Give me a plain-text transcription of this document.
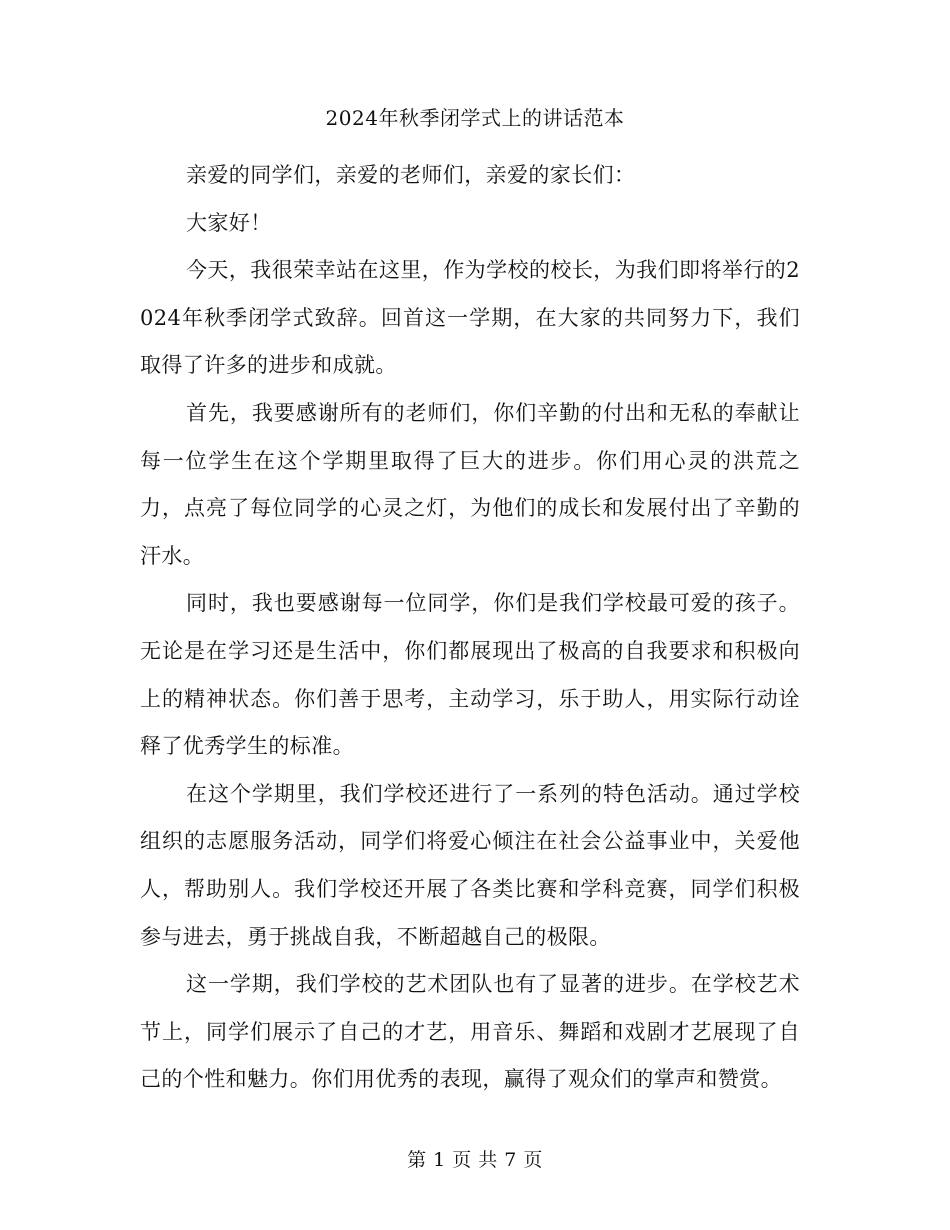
2024年秋季闭学式上的讲话范本

亲爱的同学们，亲爱的老师们，亲爱的家长们：

大家好！

今天，我很荣幸站在这里，作为学校的校长，为我们即将举行的2024年秋季闭学式致辞。回首这一学期，在大家的共同努力下，我们取得了许多的进步和成就。

首先，我要感谢所有的老师们，你们辛勤的付出和无私的奉献让每一位学生在这个学期里取得了巨大的进步。你们用心灵的洪荒之力，点亮了每位同学的心灵之灯，为他们的成长和发展付出了辛勤的汗水。

同时，我也要感谢每一位同学，你们是我们学校最可爱的孩子。无论是在学习还是生活中，你们都展现出了极高的自我要求和积极向上的精神状态。你们善于思考，主动学习，乐于助人，用实际行动诠释了优秀学生的标准。

在这个学期里，我们学校还进行了一系列的特色活动。通过学校组织的志愿服务活动，同学们将爱心倾注在社会公益事业中，关爱他人，帮助别人。我们学校还开展了各类比赛和学科竞赛，同学们积极参与进去，勇于挑战自我，不断超越自己的极限。

这一学期，我们学校的艺术团队也有了显著的进步。在学校艺术节上，同学们展示了自己的才艺，用音乐、舞蹈和戏剧才艺展现了自己的个性和魅力。你们用优秀的表现，赢得了观众们的掌声和赞赏。

第 1 页 共 7 页
